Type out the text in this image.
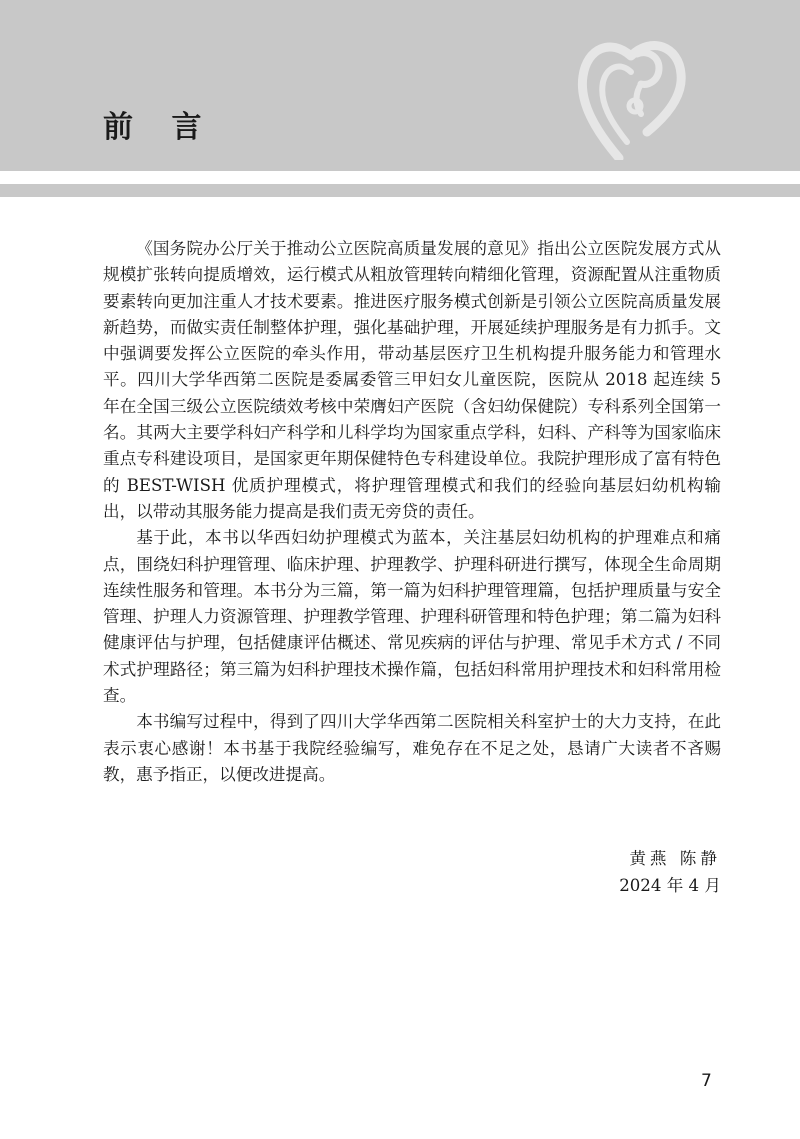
前 言

《国务院办公厅关于推动公立医院高质量发展的意见》指出公立医院发展方式从规模扩张转向提质增效，运行模式从粗放管理转向精细化管理，资源配置从注重物质要素转向更加注重人才技术要素。推进医疗服务模式创新是引领公立医院高质量发展新趋势，而做实责任制整体护理，强化基础护理，开展延续护理服务是有力抓手。文中强调要发挥公立医院的牵头作用，带动基层医疗卫生机构提升服务能力和管理水平。四川大学华西第二医院是委属委管三甲妇女儿童医院，医院从 2018 起连续 5 年在全国三级公立医院绩效考核中荣膺妇产医院（含妇幼保健院）专科系列全国第一名。其两大主要学科妇产科学和儿科学均为国家重点学科，妇科、产科等为国家临床重点专科建设项目，是国家更年期保健特色专科建设单位。我院护理形成了富有特色的 BEST-WISH 优质护理模式，将护理管理模式和我们的经验向基层妇幼机构输出，以带动其服务能力提高是我们责无旁贷的责任。

基于此，本书以华西妇幼护理模式为蓝本，关注基层妇幼机构的护理难点和痛点，围绕妇科护理管理、临床护理、护理教学、护理科研进行撰写，体现全生命周期连续性服务和管理。本书分为三篇，第一篇为妇科护理管理篇，包括护理质量与安全管理、护理人力资源管理、护理教学管理、护理科研管理和特色护理；第二篇为妇科健康评估与护理，包括健康评估概述、常见疾病的评估与护理、常见手术方式 / 不同术式护理路径；第三篇为妇科护理技术操作篇，包括妇科常用护理技术和妇科常用检查。

本书编写过程中，得到了四川大学华西第二医院相关科室护士的大力支持，在此表示衷心感谢！本书基于我院经验编写，难免存在不足之处，恳请广大读者不吝赐教，惠予指正，以便改进提高。

黄燕 陈静
2024 年 4 月
7
